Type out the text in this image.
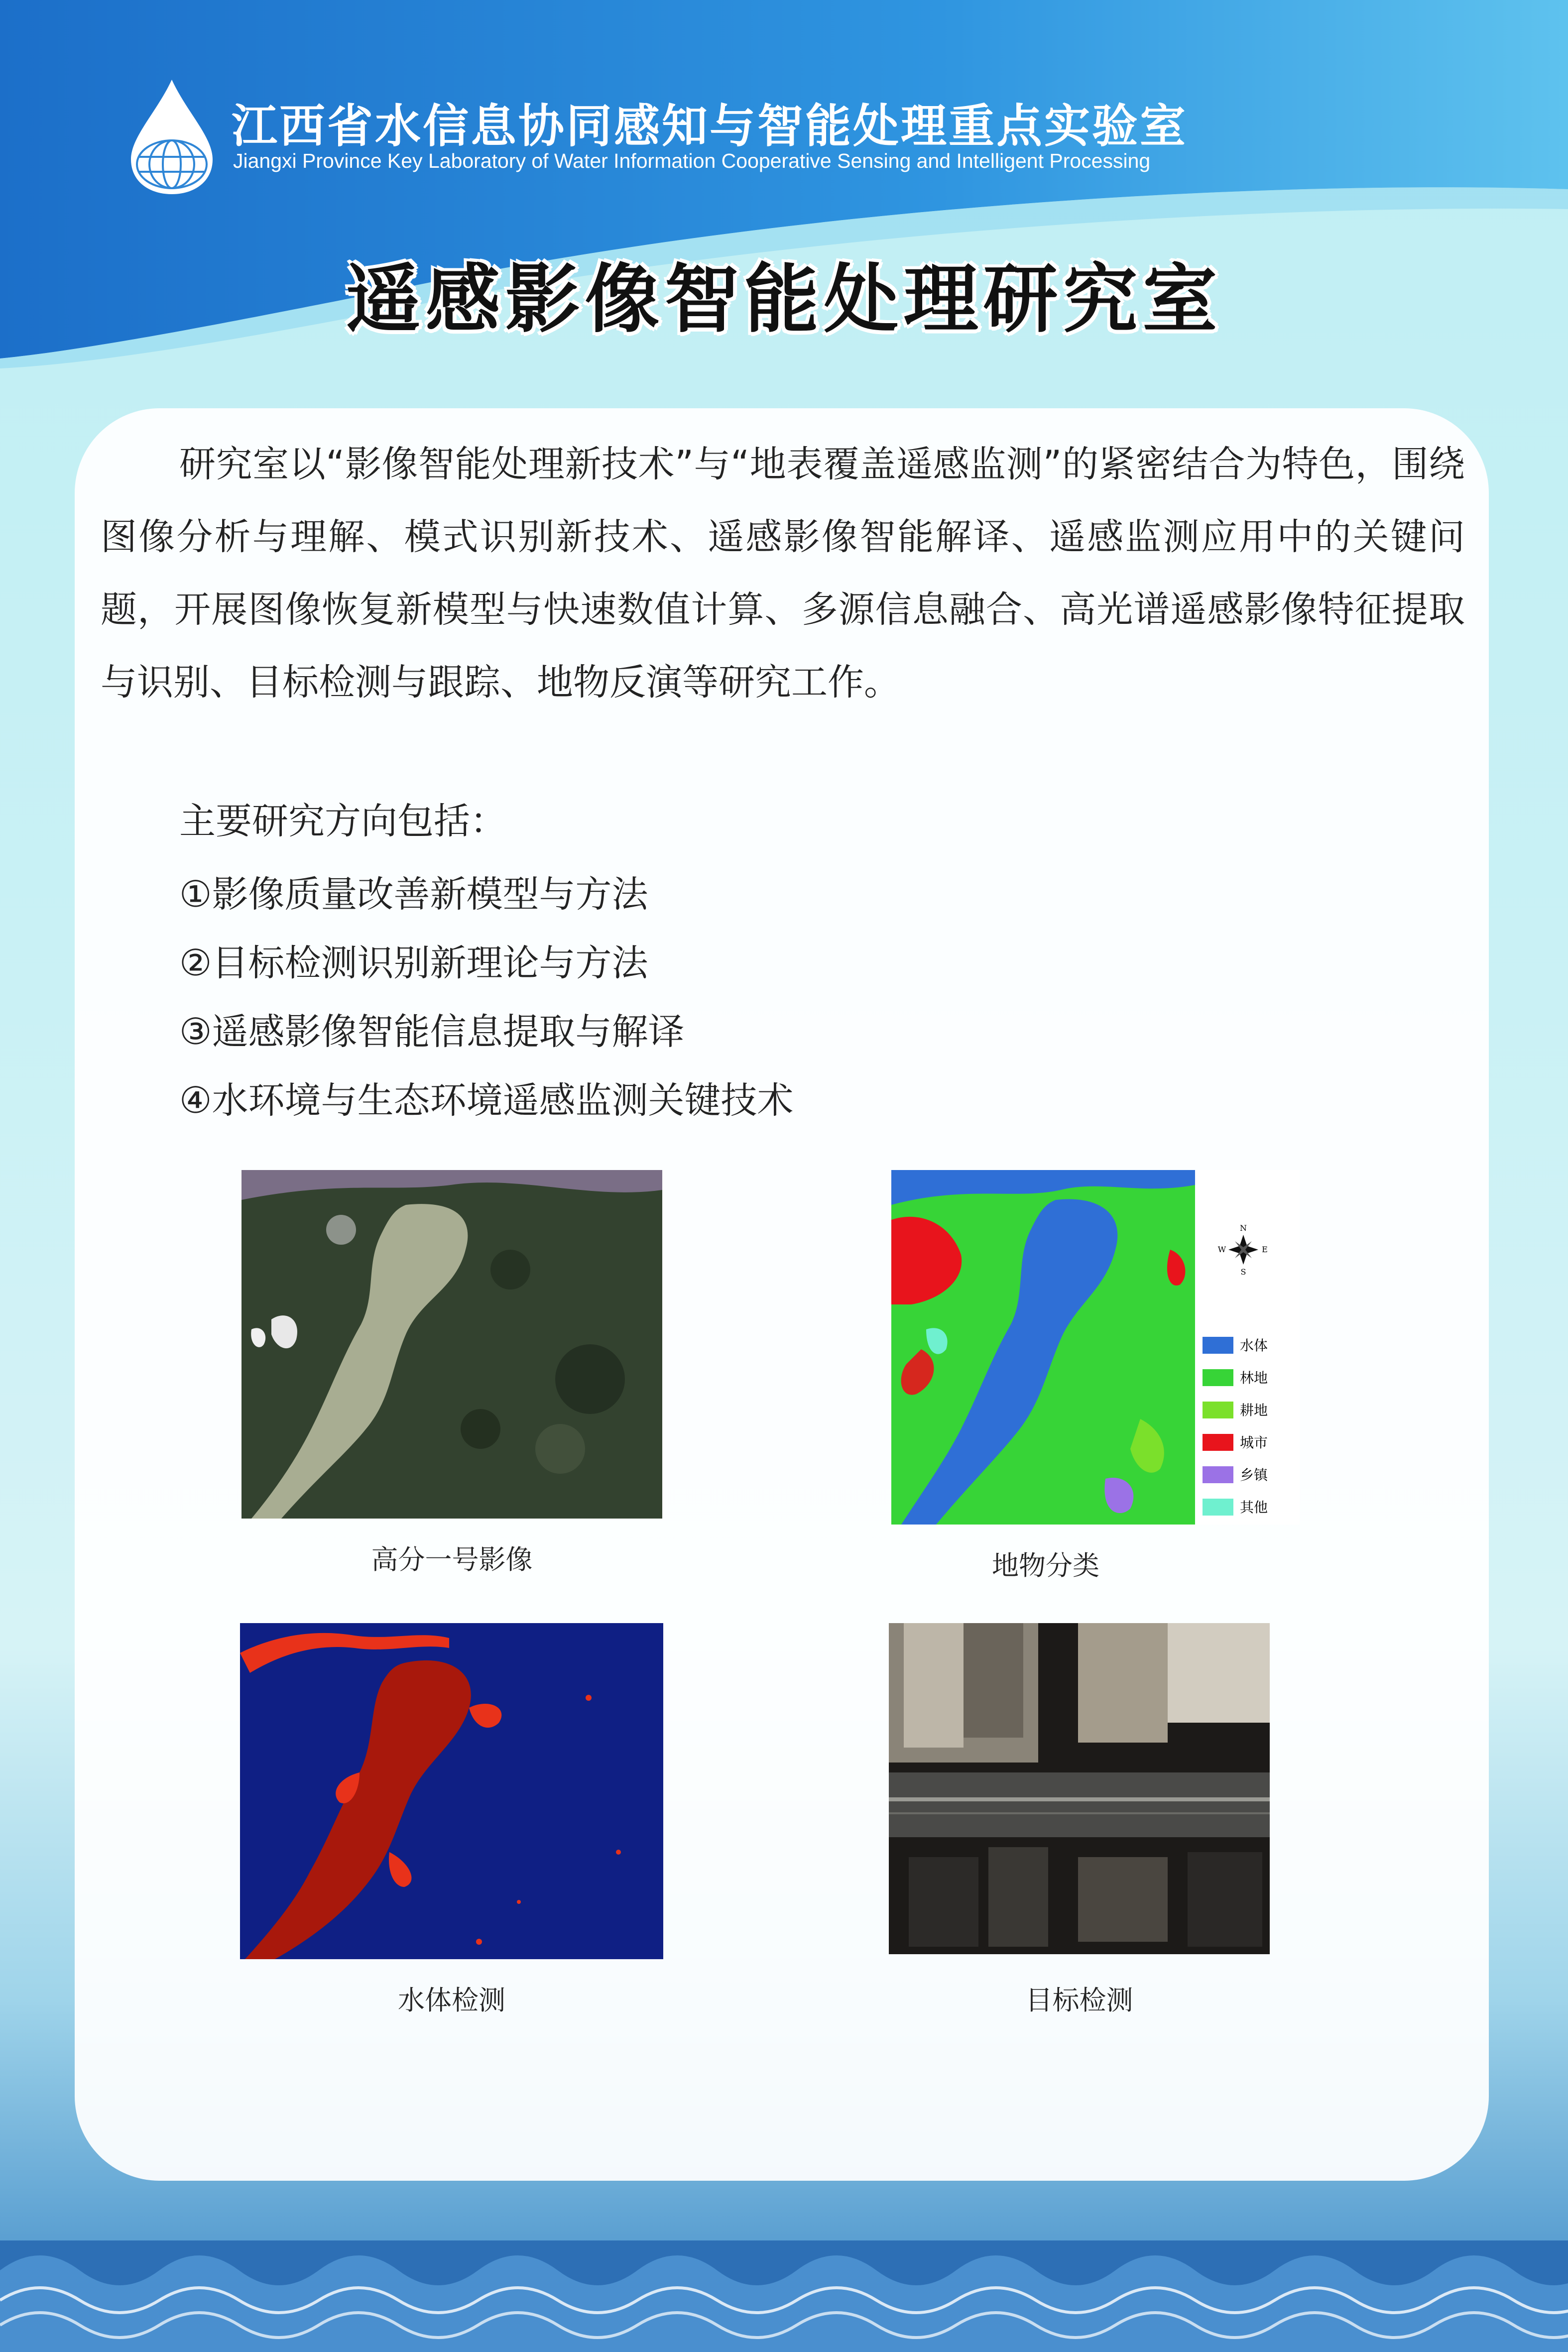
江西省水信息协同感知与智能处理重点实验室
Jiangxi Province Key Laboratory of Water Information Cooperative Sensing and Intelligent Processing
遥感影像智能处理研究室

研究室以“影像智能处理新技术”与“地表覆盖遥感监测”的紧密结合为特色，围绕图像分析与理解、模式识别新技术、遥感影像智能解译、遥感监测应用中的关键问题，开展图像恢复新模型与快速数值计算、多源信息融合、高光谱遥感影像特征提取与识别、目标检测与跟踪、地物反演等研究工作。

主要研究方向包括：

①影像质量改善新模型与方法
②目标检测识别新理论与方法
③遥感影像智能信息提取与解译
④水环境与生态环境遥感监测关键技术

高分一号影像

N
S
E
W
水体
林地
耕地
城市
乡镇
其他

地物分类

水体检测	目标检测
